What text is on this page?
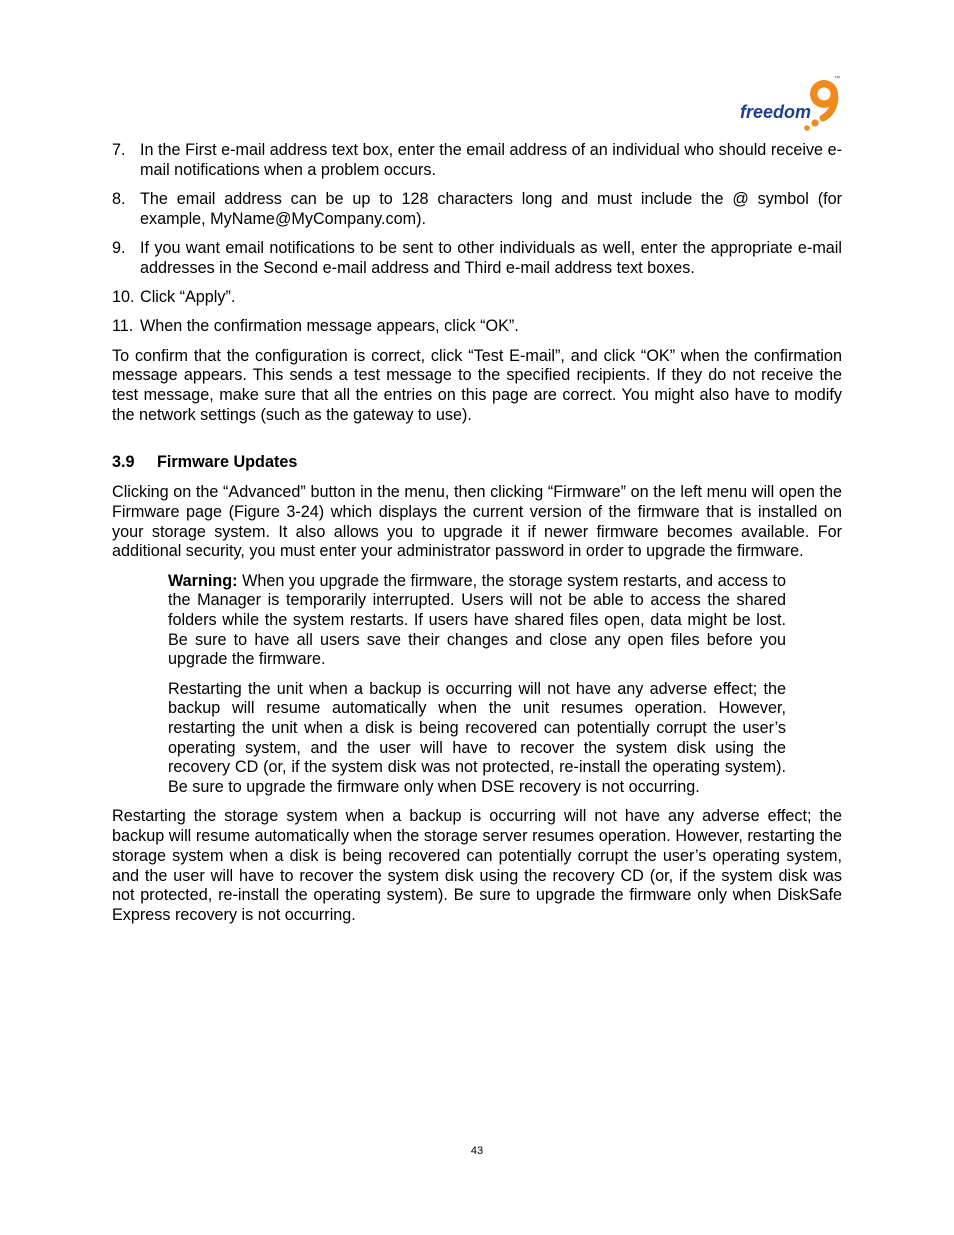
™
freedom
7. In the First e-mail address text box, enter the email address of an individual who should receive e-mail notifications when a problem occurs.
8. The email address can be up to 128 characters long and must include the @ symbol (for example, MyName@MyCompany.com).
9. If you want email notifications to be sent to other individuals as well, enter the appropriate e-mail addresses in the Second e-mail address and Third e-mail address text boxes.
10. Click “Apply”.
11. When the confirmation message appears, click “OK”.

To confirm that the configuration is correct, click “Test E-mail”, and click “OK” when the confirmation message appears. This sends a test message to the specified recipients. If they do not receive the test message, make sure that all the entries on this page are correct. You might also have to modify the network settings (such as the gateway to use).

3.9 Firmware Updates

Clicking on the “Advanced” button in the menu, then clicking “Firmware” on the left menu will open the Firmware page (Figure 3-24) which displays the current version of the firmware that is installed on your storage system. It also allows you to upgrade it if newer firmware becomes available. For additional security, you must enter your administrator password in order to upgrade the firmware.

Warning: When you upgrade the firmware, the storage system restarts, and access to the Manager is temporarily interrupted. Users will not be able to access the shared folders while the system restarts. If users have shared files open, data might be lost. Be sure to have all users save their changes and close any open files before you upgrade the firmware.

Restarting the unit when a backup is occurring will not have any adverse effect; the backup will resume automatically when the unit resumes operation. However, restarting the unit when a disk is being recovered can potentially corrupt the user’s operating system, and the user will have to recover the system disk using the recovery CD (or, if the system disk was not protected, re-install the operating system). Be sure to upgrade the firmware only when DSE recovery is not occurring.

Restarting the storage system when a backup is occurring will not have any adverse effect; the backup will resume automatically when the storage server resumes operation. However, restarting the storage system when a disk is being recovered can potentially corrupt the user’s operating system, and the user will have to recover the system disk using the recovery CD (or, if the system disk was not protected, re-install the operating system). Be sure to upgrade the firmware only when DiskSafe Express recovery is not occurring.

43
